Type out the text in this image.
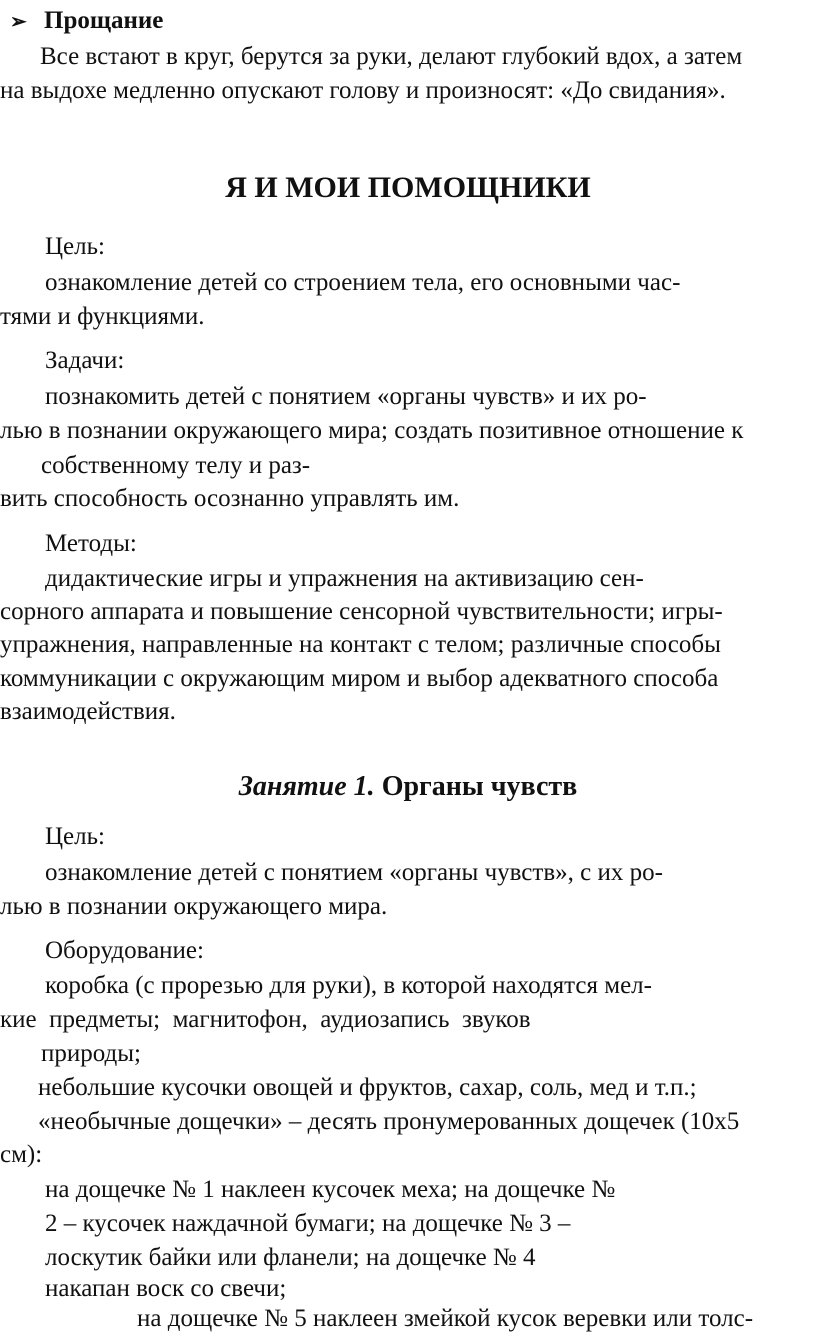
➢ Прощание

Все встают в круг, берутся за руки, делают глубокий вдох, а затем

на выдохе медленно опускают голову и произносят: «До свидания».

Я И МОИ ПОМОЩНИКИ

Цель:

ознакомление детей со строением тела, его основными час-

тями и функциями.

Задачи:

познакомить детей с понятием «органы чувств» и их ро-

лью в познании окружающего мира; создать позитивное отношение к

собственному телу и раз-

вить способность осознанно управлять им.

Методы:

дидактические игры и упражнения на активизацию сен-

сорного аппарата и повышение сенсорной чувствительности; игры-

упражнения, направленные на контакт с телом; различные способы

коммуникации с окружающим миром и выбор адекватного способа

взаимодействия.

Занятие 1. Органы чувств

Цель:

ознакомление детей с понятием «органы чувств», с их ро-

лью в познании окружающего мира.

Оборудование:

коробка (с прорезью для руки), в которой находятся мел-

кие  предметы;  магнитофон,  аудиозапись  звуков

природы;

небольшие кусочки овощей и фруктов, сахар, соль, мед и т.п.;

«необычные дощечки» – десять пронумерованных дощечек (10х5

см):

на дощечке № 1 наклеен кусочек меха; на дощечке №

2 – кусочек наждачной бумаги; на дощечке № 3 –

лоскутик байки или фланели; на дощечке № 4

накапан воск со свечи;

на дощечке № 5 наклеен змейкой кусок веревки или толс-
